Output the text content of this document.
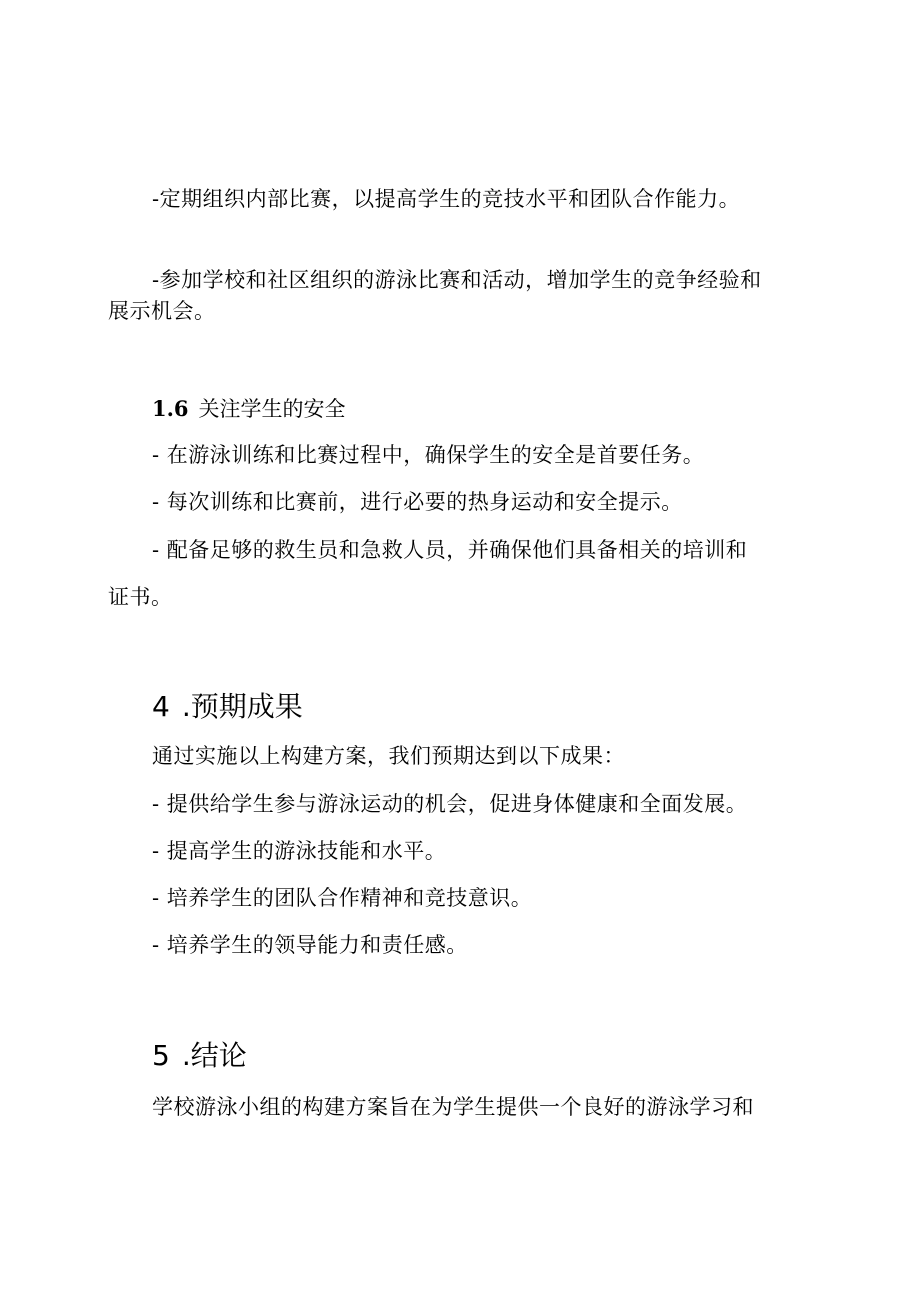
-定期组织内部比赛，以提高学生的竞技水平和团队合作能力。
-参加学校和社区组织的游泳比赛和活动，增加学生的竞争经验和
展示机会。
1.6 关注学生的安全
- 在游泳训练和比赛过程中，确保学生的安全是首要任务。
- 每次训练和比赛前，进行必要的热身运动和安全提示。
- 配备足够的救生员和急救人员，并确保他们具备相关的培训和
证书。
4 .预期成果
通过实施以上构建方案，我们预期达到以下成果：
- 提供给学生参与游泳运动的机会，促进身体健康和全面发展。
- 提高学生的游泳技能和水平。
- 培养学生的团队合作精神和竞技意识。
- 培养学生的领导能力和责任感。
5 .结论
学校游泳小组的构建方案旨在为学生提供一个良好的游泳学习和
